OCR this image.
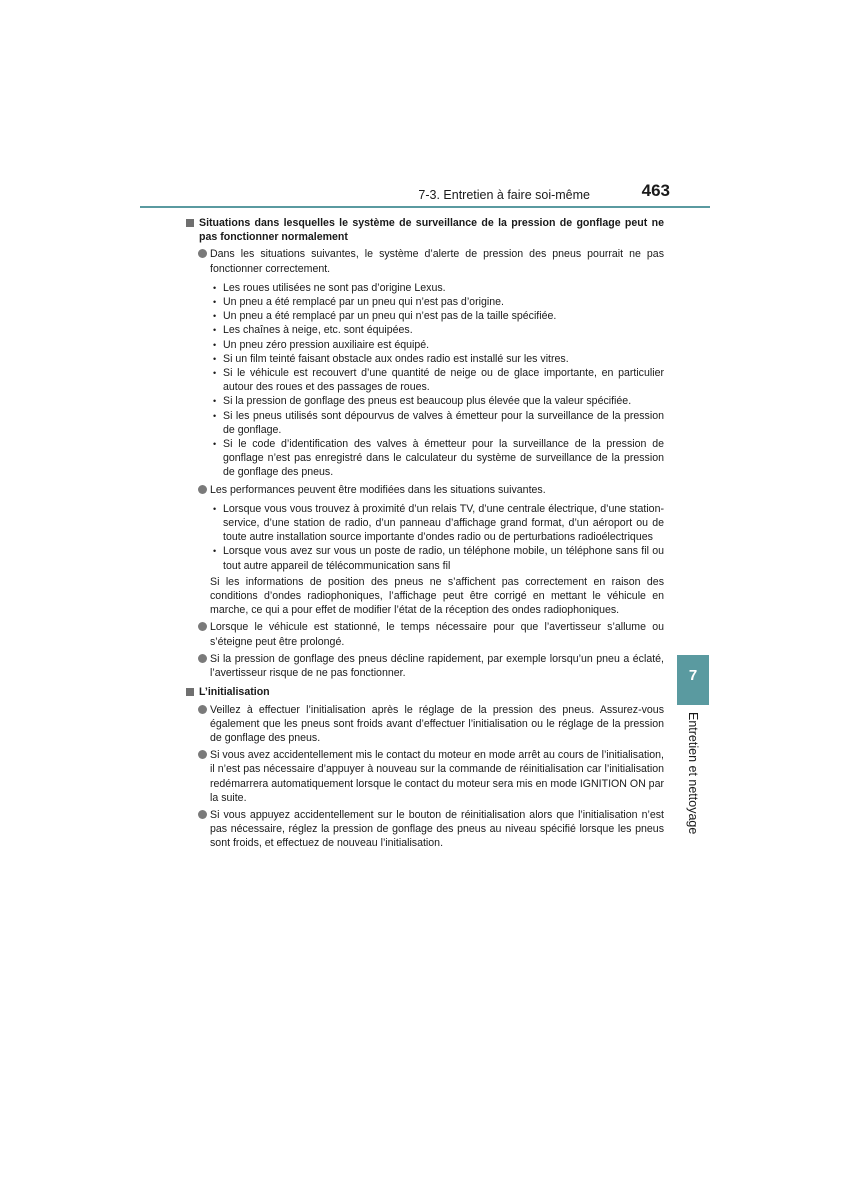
7-3. Entretien à faire soi-même	463
Situations dans lesquelles le système de surveillance de la pression de gonflage peut ne pas fonctionner normalement

Dans les situations suivantes, le système d’alerte de pression des pneus pourrait ne pas fonctionner correctement.

• Les roues utilisées ne sont pas d’origine Lexus.
• Un pneu a été remplacé par un pneu qui n’est pas d’origine.
• Un pneu a été remplacé par un pneu qui n’est pas de la taille spécifiée.
• Les chaînes à neige, etc. sont équipées.
• Un pneu zéro pression auxiliaire est équipé.
• Si un film teinté faisant obstacle aux ondes radio est installé sur les vitres.
• Si le véhicule est recouvert d’une quantité de neige ou de glace importante, en particulier autour des roues et des passages de roues.
• Si la pression de gonflage des pneus est beaucoup plus élevée que la valeur spécifiée.
• Si les pneus utilisés sont dépourvus de valves à émetteur pour la surveillance de la pression de gonflage.
• Si le code d’identification des valves à émetteur pour la surveillance de la pression de gonflage n’est pas enregistré dans le calculateur du système de surveillance de la pression de gonflage des pneus.

Les performances peuvent être modifiées dans les situations suivantes.

• Lorsque vous vous trouvez à proximité d’un relais TV, d’une centrale électrique, d’une station-service, d’une station de radio, d’un panneau d’affichage grand format, d’un aéroport ou de toute autre installation source importante d’ondes radio ou de perturbations radioélectriques
• Lorsque vous avez sur vous un poste de radio, un téléphone mobile, un téléphone sans fil ou tout autre appareil de télécommunication sans fil

Si les informations de position des pneus ne s’affichent pas correctement en raison des conditions d’ondes radiophoniques, l’affichage peut être corrigé en mettant le véhicule en marche, ce qui a pour effet de modifier l’état de la réception des ondes radiophoniques.

Lorsque le véhicule est stationné, le temps nécessaire pour que l’avertisseur s’allume ou s’éteigne peut être prolongé.

Si la pression de gonflage des pneus décline rapidement, par exemple lorsqu’un pneu a éclaté, l’avertisseur risque de ne pas fonctionner.

L’initialisation

Veillez à effectuer l’initialisation après le réglage de la pression des pneus. Assurez-vous également que les pneus sont froids avant d’effectuer l’initialisation ou le réglage de la pression de gonflage des pneus.

Si vous avez accidentellement mis le contact du moteur en mode arrêt au cours de l’initialisation, il n’est pas nécessaire d’appuyer à nouveau sur la commande de réinitialisation car l’initialisation redémarrera automatiquement lorsque le contact du moteur sera mis en mode IGNITION ON par la suite.

Si vous appuyez accidentellement sur le bouton de réinitialisation alors que l’initialisation n’est pas nécessaire, réglez la pression de gonflage des pneus au niveau spécifié lorsque les pneus sont froids, et effectuez de nouveau l’initialisation.

7
Entretien et nettoyage
